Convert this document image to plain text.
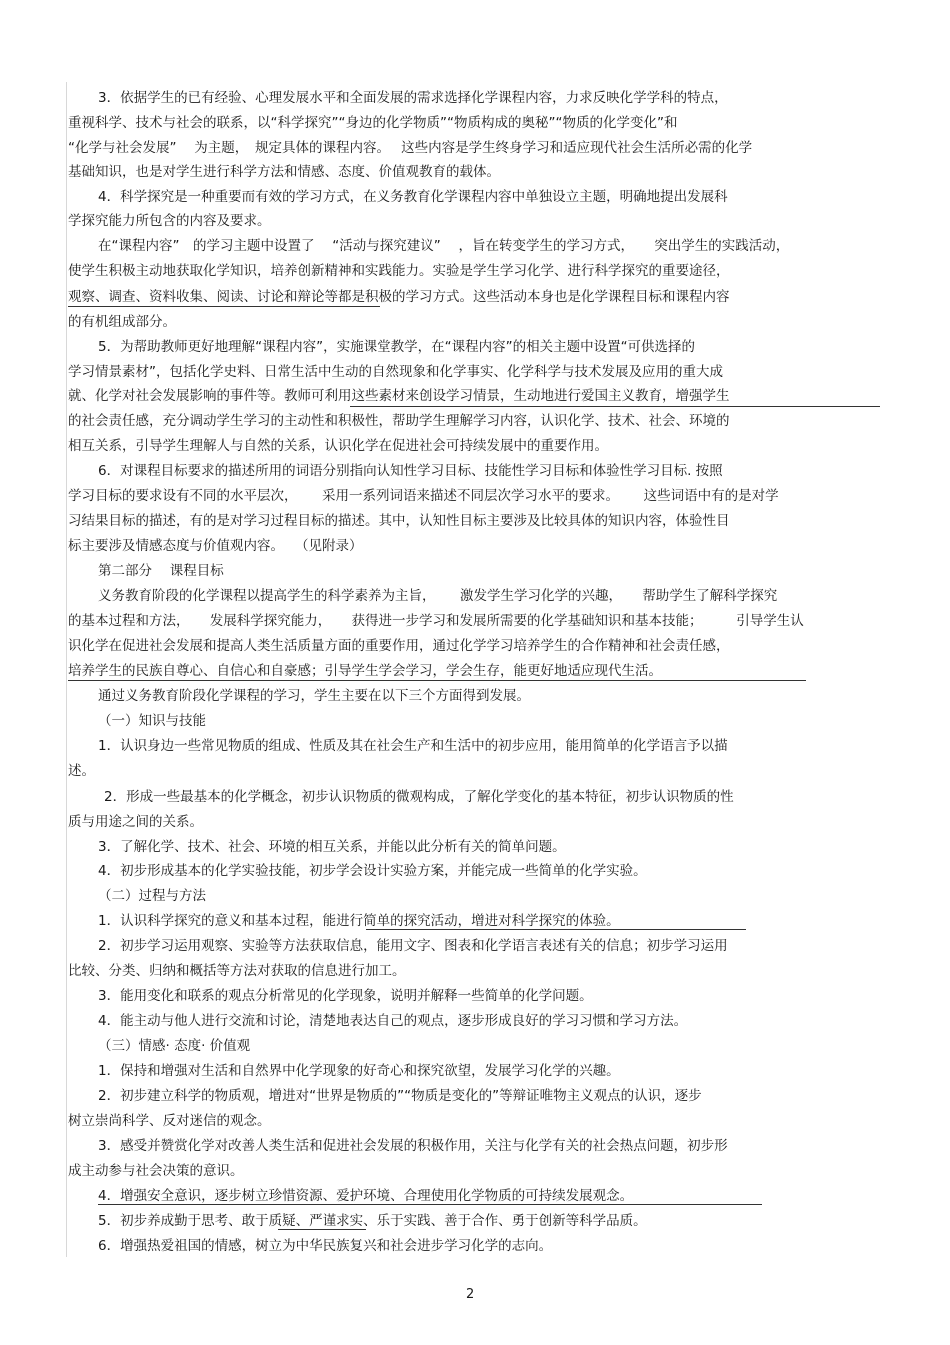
3．依据学生的已有经验、心理发展水平和全面发展的需求选择化学课程内容，力求反映化学学科的特点，
重视科学、技术与社会的联系，以“科学探究”“身边的化学物质”“物质构成的奥秘”“物质的化学变化”和
“化学与社会发展”　 为主题，　规定具体的课程内容。　 这些内容是学生终身学习和适应现代社会生活所必需的化学
基础知识，也是对学生进行科学方法和情感、态度、价值观教育的载体。
4．科学探究是一种重要而有效的学习方式，在义务教育化学课程内容中单独设立主题，明确地提出发展科
学探究能力所包含的内容及要求。
在“课程内容”　的学习主题中设置了　 “活动与探究建议”　 ，旨在转变学生的学习方式，　　突出学生的实践活动，
使学生积极主动地获取化学知识，培养创新精神和实践能力。实验是学生学习化学、进行科学探究的重要途径，
观察、调查、资料收集、阅读、讨论和辩论等都是积极的学习方式。这些活动本身也是化学课程目标和课程内容
的有机组成部分。
5．为帮助教师更好地理解“课程内容”，实施课堂教学，在“课程内容”的相关主题中设置“可供选择的
学习情景素材”，包括化学史料、日常生活中生动的自然现象和化学事实、化学科学与技术发展及应用的重大成
就、化学对社会发展影响的事件等。教师可利用这些素材来创设学习情景，生动地进行爱国主义教育，增强学生
的社会责任感，充分调动学生学习的主动性和积极性，帮助学生理解学习内容，认识化学、技术、社会、环境的
相互关系，引导学生理解人与自然的关系，认识化学在促进社会可持续发展中的重要作用。
6．对课程目标要求的描述所用的词语分别指向认知性学习目标、技能性学习目标和体验性学习目标. 按照
学习目标的要求设有不同的水平层次，　　 采用一系列词语来描述不同层次学习水平的要求。　　 这些词语中有的是对学
习结果目标的描述，有的是对学习过程目标的描述。其中，认知性目标主要涉及比较具体的知识内容，体验性目
标主要涉及情感态度与价值观内容。　 （见附录）
第二部分　 课程目标
义务教育阶段的化学课程以提高学生的科学素养为主旨，　　 激发学生学习化学的兴趣，　　帮助学生了解科学探究
的基本过程和方法，　　发展科学探究能力，　　获得进一步学习和发展所需要的化学基础知识和基本技能；　　　引导学生认
识化学在促进社会发展和提高人类生活质量方面的重要作用，通过化学学习培养学生的合作精神和社会责任感，
培养学生的民族自尊心、自信心和自豪感；引导学生学会学习，学会生存，能更好地适应现代生活。
通过义务教育阶段化学课程的学习，学生主要在以下三个方面得到发展。
（一）知识与技能
1．认识身边一些常见物质的组成、性质及其在社会生产和生活中的初步应用，能用简单的化学语言予以描
述。
2．形成一些最基本的化学概念，初步认识物质的微观构成，了解化学变化的基本特征，初步认识物质的性
质与用途之间的关系。
3．了解化学、技术、社会、环境的相互关系，并能以此分析有关的简单问题。
4．初步形成基本的化学实验技能，初步学会设计实验方案，并能完成一些简单的化学实验。
（二）过程与方法
1．认识科学探究的意义和基本过程，能进行简单的探究活动，增进对科学探究的体验。
2．初步学习运用观察、实验等方法获取信息，能用文字、图表和化学语言表述有关的信息；初步学习运用
比较、分类、归纳和概括等方法对获取的信息进行加工。
3．能用变化和联系的观点分析常见的化学现象，说明并解释一些简单的化学问题。
4．能主动与他人进行交流和讨论，清楚地表达自己的观点，逐步形成良好的学习习惯和学习方法。
（三）情感· 态度· 价值观
1．保持和增强对生活和自然界中化学现象的好奇心和探究欲望，发展学习化学的兴趣。
2．初步建立科学的物质观，增进对“世界是物质的”“物质是变化的”等辩证唯物主义观点的认识，逐步
树立崇尚科学、反对迷信的观念。
3．感受并赞赏化学对改善人类生活和促进社会发展的积极作用，关注与化学有关的社会热点问题，初步形
成主动参与社会决策的意识。
4．增强安全意识，逐步树立珍惜资源、爱护环境、合理使用化学物质的可持续发展观念。
5．初步养成勤于思考、敢于质疑、严谨求实、乐于实践、善于合作、勇于创新等科学品质。
6．增强热爱祖国的情感，树立为中华民族复兴和社会进步学习化学的志向。
2
